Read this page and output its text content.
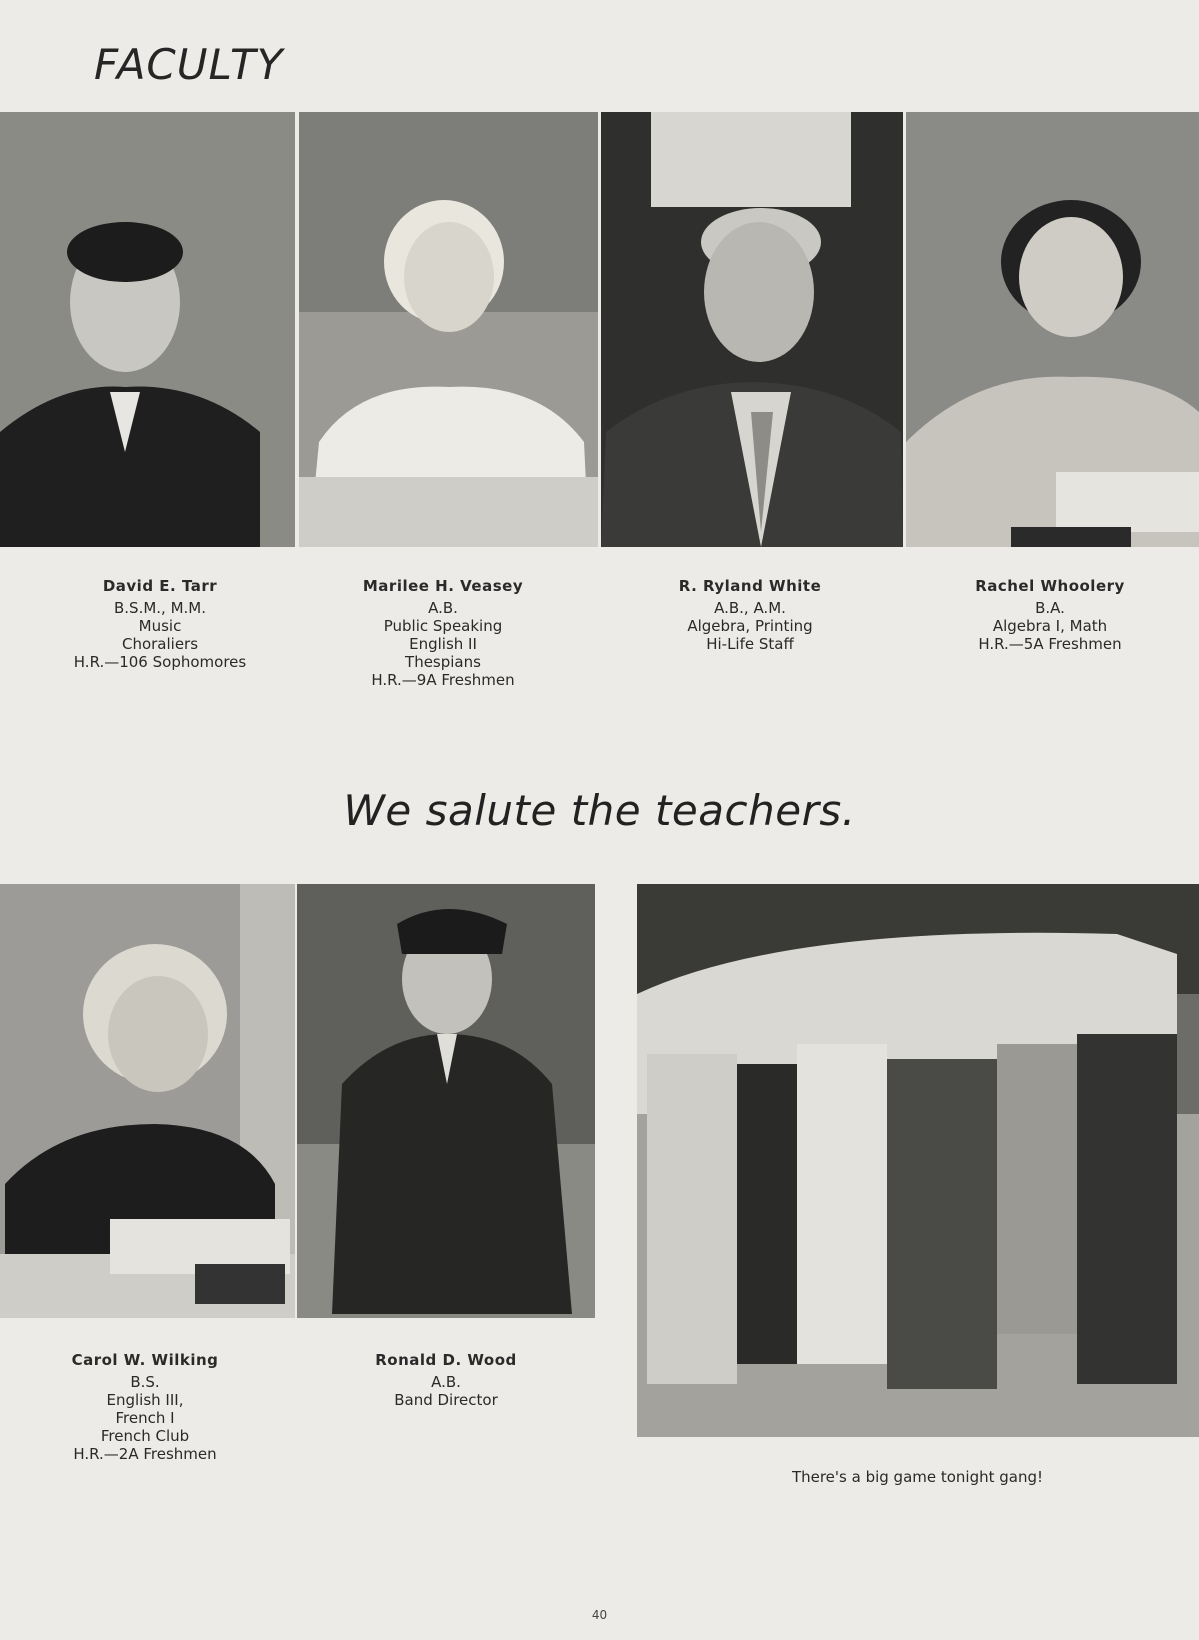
FACULTY
David E. Tarr
B.S.M., M.M.
Music
Choraliers
H.R.—106 Sophomores
Marilee H. Veasey
A.B.
Public Speaking
English II
Thespians
H.R.—9A Freshmen
R. Ryland White
A.B., A.M.
Algebra, Printing
Hi-Life Staff
Rachel Whoolery
B.A.
Algebra I, Math
H.R.—5A Freshmen
We salute the teachers.
Carol W. Wilking
B.S.
English III,
French I
French Club
H.R.—2A Freshmen
Ronald D. Wood
A.B.
Band Director
There's a big game tonight gang!
40
